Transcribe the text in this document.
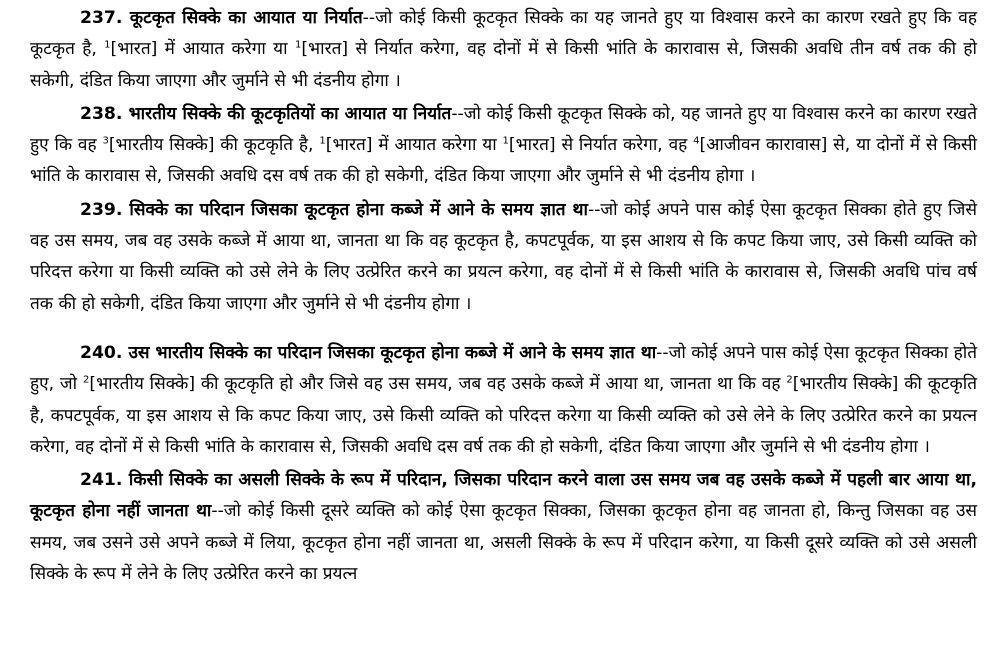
237. कूटकृत सिक्के का आयात या निर्यात--जो कोई किसी कूटकृत सिक्के का यह जानते हुए या विश्वास करने का कारण रखते हुए कि वह कूटकृत है, $^1$[भारत] में आयात करेगा या $^1$[भारत] से निर्यात करेगा, वह दोनों में से किसी भांति के कारावास से, जिसकी अवधि तीन वर्ष तक की हो सकेगी, दंडित किया जाएगा और जुर्माने से भी दंडनीय होगा ।

238. भारतीय सिक्के की कूटकृतियों का आयात या निर्यात--जो कोई किसी कूटकृत सिक्के को, यह जानते हुए या विश्वास करने का कारण रखते हुए कि वह $^3$[भारतीय सिक्के] की कूटकृति है, $^1$[भारत] में आयात करेगा या $^1$[भारत] से निर्यात करेगा, वह $^4$[आजीवन कारावास] से, या दोनों में से किसी भांति के कारावास से, जिसकी अवधि दस वर्ष तक की हो सकेगी, दंडित किया जाएगा और जुर्माने से भी दंडनीय होगा ।

239. सिक्के का परिदान जिसका कूटकृत होना कब्जे में आने के समय ज्ञात था--जो कोई अपने पास कोई ऐसा कूटकृत सिक्का होते हुए जिसे वह उस समय, जब वह उसके कब्जे में आया था, जानता था कि वह कूटकृत है, कपटपूर्वक, या इस आशय से कि कपट किया जाए, उसे किसी व्यक्ति को परिदत्त करेगा या किसी व्यक्ति को उसे लेने के लिए उत्प्रेरित करने का प्रयत्न करेगा, वह दोनों में से किसी भांति के कारावास से, जिसकी अवधि पांच वर्ष तक की हो सकेगी, दंडित किया जाएगा और जुर्माने से भी दंडनीय होगा ।

240. उस भारतीय सिक्के का परिदान जिसका कूटकृत होना कब्जे में आने के समय ज्ञात था--जो कोई अपने पास कोई ऐसा कूटकृत सिक्का होते हुए, जो $^2$[भारतीय सिक्के] की कूटकृति हो और जिसे वह उस समय, जब वह उसके कब्जे में आया था, जानता था कि वह $^2$[भारतीय सिक्के] की कूटकृति है, कपटपूर्वक, या इस आशय से कि कपट किया जाए, उसे किसी व्यक्ति को परिदत्त करेगा या किसी व्यक्ति को उसे लेने के लिए उत्प्रेरित करने का प्रयत्न करेगा, वह दोनों में से किसी भांति के कारावास से, जिसकी अवधि दस वर्ष तक की हो सकेगी, दंडित किया जाएगा और जुर्माने से भी दंडनीय होगा ।

241. किसी सिक्के का असली सिक्के के रूप में परिदान, जिसका परिदान करने वाला उस समय जब वह उसके कब्जे में पहली बार आया था, कूटकृत होना नहीं जानता था--जो कोई किसी दूसरे व्यक्ति को कोई ऐसा कूटकृत सिक्का, जिसका कूटकृत होना वह जानता हो, किन्तु जिसका वह उस समय, जब उसने उसे अपने कब्जे में लिया, कूटकृत होना नहीं जानता था, असली सिक्के के रूप में परिदान करेगा, या किसी दूसरे व्यक्ति को उसे असली सिक्के के रूप में लेने के लिए उत्प्रेरित करने का प्रयत्न
